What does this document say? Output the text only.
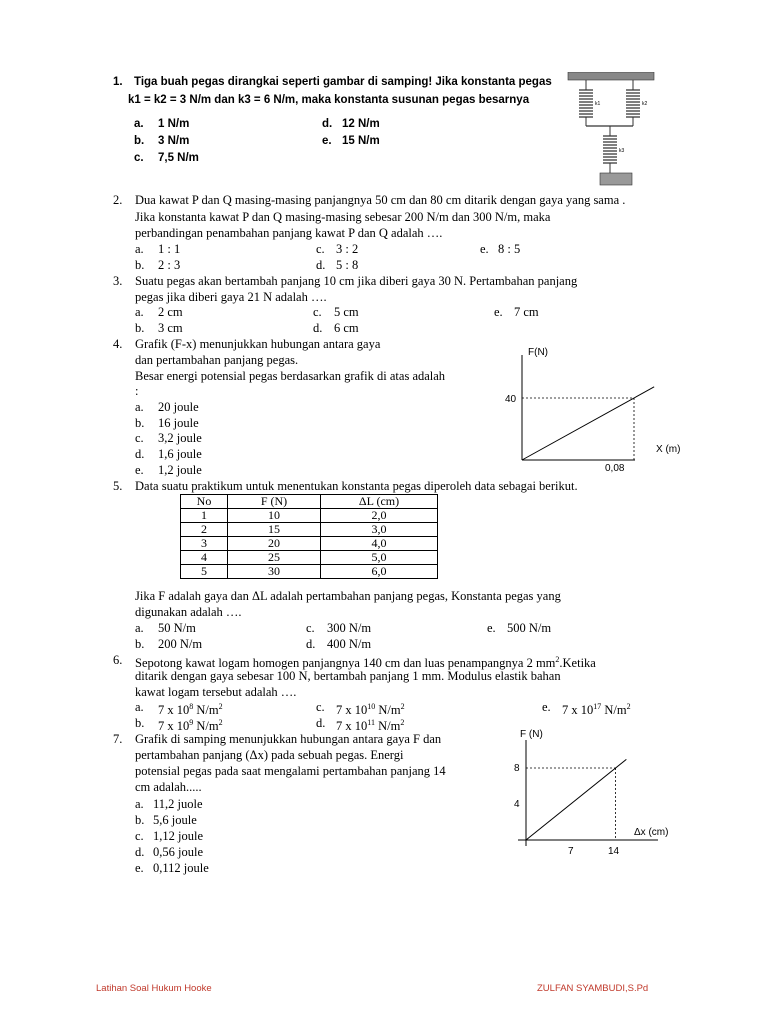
1. Tiga buah pegas dirangkai seperti gambar di samping! Jika konstanta pegas
k1 = k2 = 3 N/m dan k3 = 6 N/m, maka konstanta susunan pegas besarnya
a. 1 N/m
b. 3 N/m
c. 7,5 N/m
d. 12 N/m
e. 15 N/m
k1	k2
k3
2. Dua kawat P dan Q masing-masing panjangnya 50 cm dan 80 cm ditarik dengan gaya yang sama .
Jika konstanta kawat P dan Q masing-masing sebesar 200 N/m dan 300 N/m, maka
perbandingan penambahan panjang kawat P dan Q adalah ….
a. 1 : 1
b. 2 : 3
c. 3 : 2
d. 5 : 8
e. 8 : 5
3. Suatu pegas akan bertambah panjang 10 cm jika diberi gaya 30 N. Pertambahan panjang
pegas jika diberi gaya 21 N adalah ….
a. 2 cm
b. 3 cm
c. 5 cm
d. 6 cm
e. 7 cm
4. Grafik (F-x) menunjukkan hubungan antara gaya
dan pertambahan panjang pegas.
Besar energi potensial pegas berdasarkan grafik di atas adalah
:
a. 20 joule
b. 16 joule
c. 3,2 joule
d. 1,6 joule
e. 1,2 joule
F(N)
X (m)
40
0,08
5. Data suatu praktikum untuk menentukan konstanta pegas diperoleh data sebagai berikut.
No	F (N)	ΔL (cm)
1	10	2,0
2	15	3,0
3	20	4,0
4	25	5,0
5	30	6,0
Jika F adalah gaya dan ΔL adalah pertambahan panjang pegas, Konstanta pegas yang
digunakan adalah ….
a. 50 N/m
b. 200 N/m
c. 300 N/m
d. 400 N/m
e. 500 N/m
6. Sepotong kawat logam homogen panjangnya 140 cm dan luas penampangnya 2 $mm^2.Ketika$
ditarik dengan gaya sebesar 100 N, bertambah panjang 1 mm. Modulus elastik bahan
kawat logam tersebut adalah ….
a. 7 x $10^8$ $N/m^2$
b. 7 x $10^9$ $N/m^2$
c. 7 x $10^{10}$ $N/m^2$
d. 7 x $10^{11}$ $N/m^2$
e. 7 x $10^{17}$ $N/m^2$
7. Grafik di samping menunjukkan hubungan antara gaya F dan
pertambahan panjang (Δx) pada sebuah pegas. Energi
potensial pegas pada saat mengalami pertambahan panjang 14
cm adalah.....
a. 11,2 juole
b. 5,6 joule
c. 1,12 joule
d. 0,56 joule
e. 0,112 joule
F (N)
Δx (cm)
4
8
7	14
Latihan Soal Hukum Hooke	ZULFAN SYAMBUDI,S.Pd
